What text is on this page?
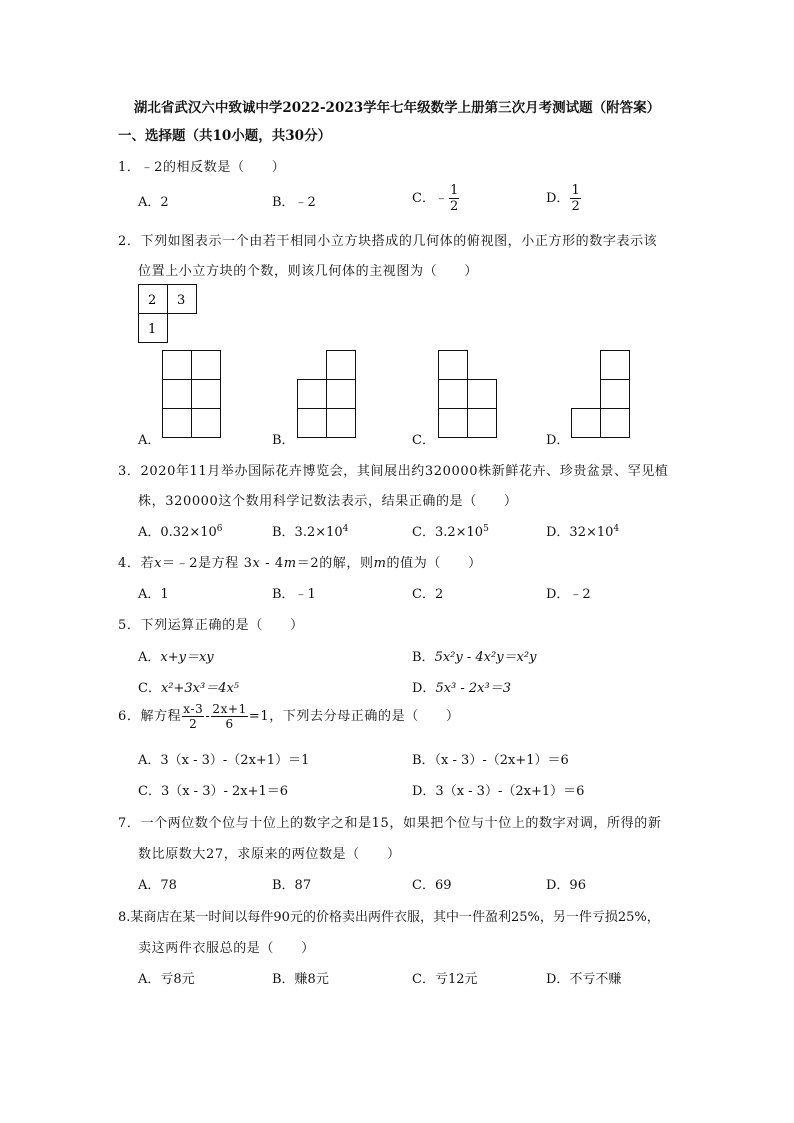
湖北省武汉六中致诚中学2022-2023学年七年级数学上册第三次月考测试题（附答案）
一、选择题（共10小题，共30分）
1．﹣2的相反数是（　　）
A．2	B．﹣2	C．﹣ $\frac{1}{2}$	D． $\frac{1}{2}$
2．下列如图表示一个由若干相同小立方块搭成的几何体的俯视图，小正方形的数字表示该
位置上小立方块的个数，则该几何体的主视图为（　　）
2 3
1
A．	B．	C．	D．
3．2020年11月举办国际花卉博览会，其间展出约320000株新鲜花卉、珍贵盆景、罕见植
株，320000这个数用科学记数法表示，结果正确的是（　　）
A．$0.32\times 10^6$	B．$3.2\times 10^4$	C．$3.2\times 10^5$	D．$32\times 10^4$
4．若x＝﹣2是方程 3x - 4m＝2的解，则m的值为（　　）
A．1	B．﹣1	C．2	D．﹣2
5．下列运算正确的是（　　）
A．x+y＝xy	B．5x²y - 4x²y＝x²y
C．x²+3x³＝4x⁵	D．5x³ - 2x³＝3
6．解方程 $\frac{x-3}{2} - \frac{2x+1}{6} =1$，下列去分母正确的是（　　）
A．3（x - 3）-（2x+1）＝1	B．（x - 3）-（2x+1）＝6
C．3（x - 3）- 2x+1＝6	D．3（x - 3）-（2x+1）＝6
7．一个两位数个位与十位上的数字之和是15，如果把个位与十位上的数字对调，所得的新
数比原数大27，求原来的两位数是（　　）
A．78	B．87	C．69	D．96
8.某商店在某一时间以每件90元的价格卖出两件衣服，其中一件盈利25%，另一件亏损25%，
卖这两件衣服总的是（　　）
A．亏8元	B．赚8元	C．亏12元	D．不亏不赚
